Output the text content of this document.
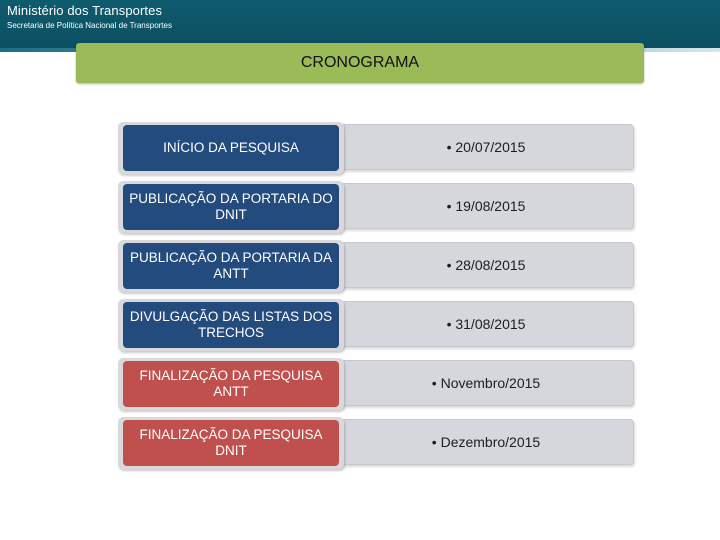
Ministério dos Transportes
Secretaria de Política Nacional de Transportes
CRONOGRAMA
• 20/07/2015
INÍCIO DA PESQUISA
• 19/08/2015
PUBLICAÇÃO DA PORTARIA DO DNIT
• 28/08/2015
PUBLICAÇÃO DA PORTARIA DA ANTT
• 31/08/2015
DIVULGAÇÃO DAS LISTAS DOS TRECHOS
• Novembro/2015
FINALIZAÇÃO DA PESQUISA ANTT
• Dezembro/2015
FINALIZAÇÃO DA PESQUISA DNIT
